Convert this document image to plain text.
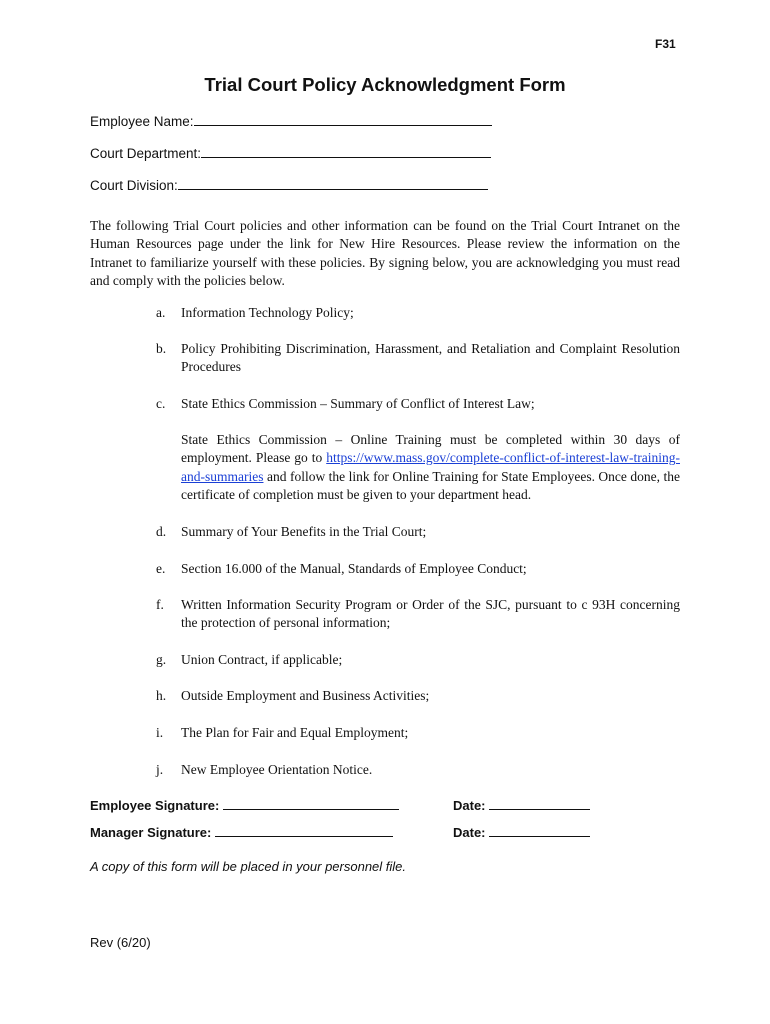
F31
Trial Court Policy Acknowledgment Form
Employee Name:
Court Department:
Court Division:
The following Trial Court policies and other information can be found on the Trial Court Intranet on the Human Resources page under the link for New Hire Resources. Please review the information on the Intranet to familiarize yourself with these policies. By signing below, you are acknowledging you must read and comply with the policies below.
a. Information Technology Policy;
b. Policy Prohibiting Discrimination, Harassment, and Retaliation and Complaint Resolution Procedures
c. State Ethics Commission – Summary of Conflict of Interest Law;
State Ethics Commission – Online Training must be completed within 30 days of employment. Please go to https://www.mass.gov/complete-conflict-of-interest-law-training-and-summaries and follow the link for Online Training for State Employees. Once done, the certificate of completion must be given to your department head.
d. Summary of Your Benefits in the Trial Court;
e. Section 16.000 of the Manual, Standards of Employee Conduct;
f. Written Information Security Program or Order of the SJC, pursuant to c 93H concerning the protection of personal information;
g. Union Contract, if applicable;
h. Outside Employment and Business Activities;
i. The Plan for Fair and Equal Employment;
j. New Employee Orientation Notice.
Employee Signature:	Date:
Manager Signature:	Date:
A copy of this form will be placed in your personnel file.
Rev (6/20)
